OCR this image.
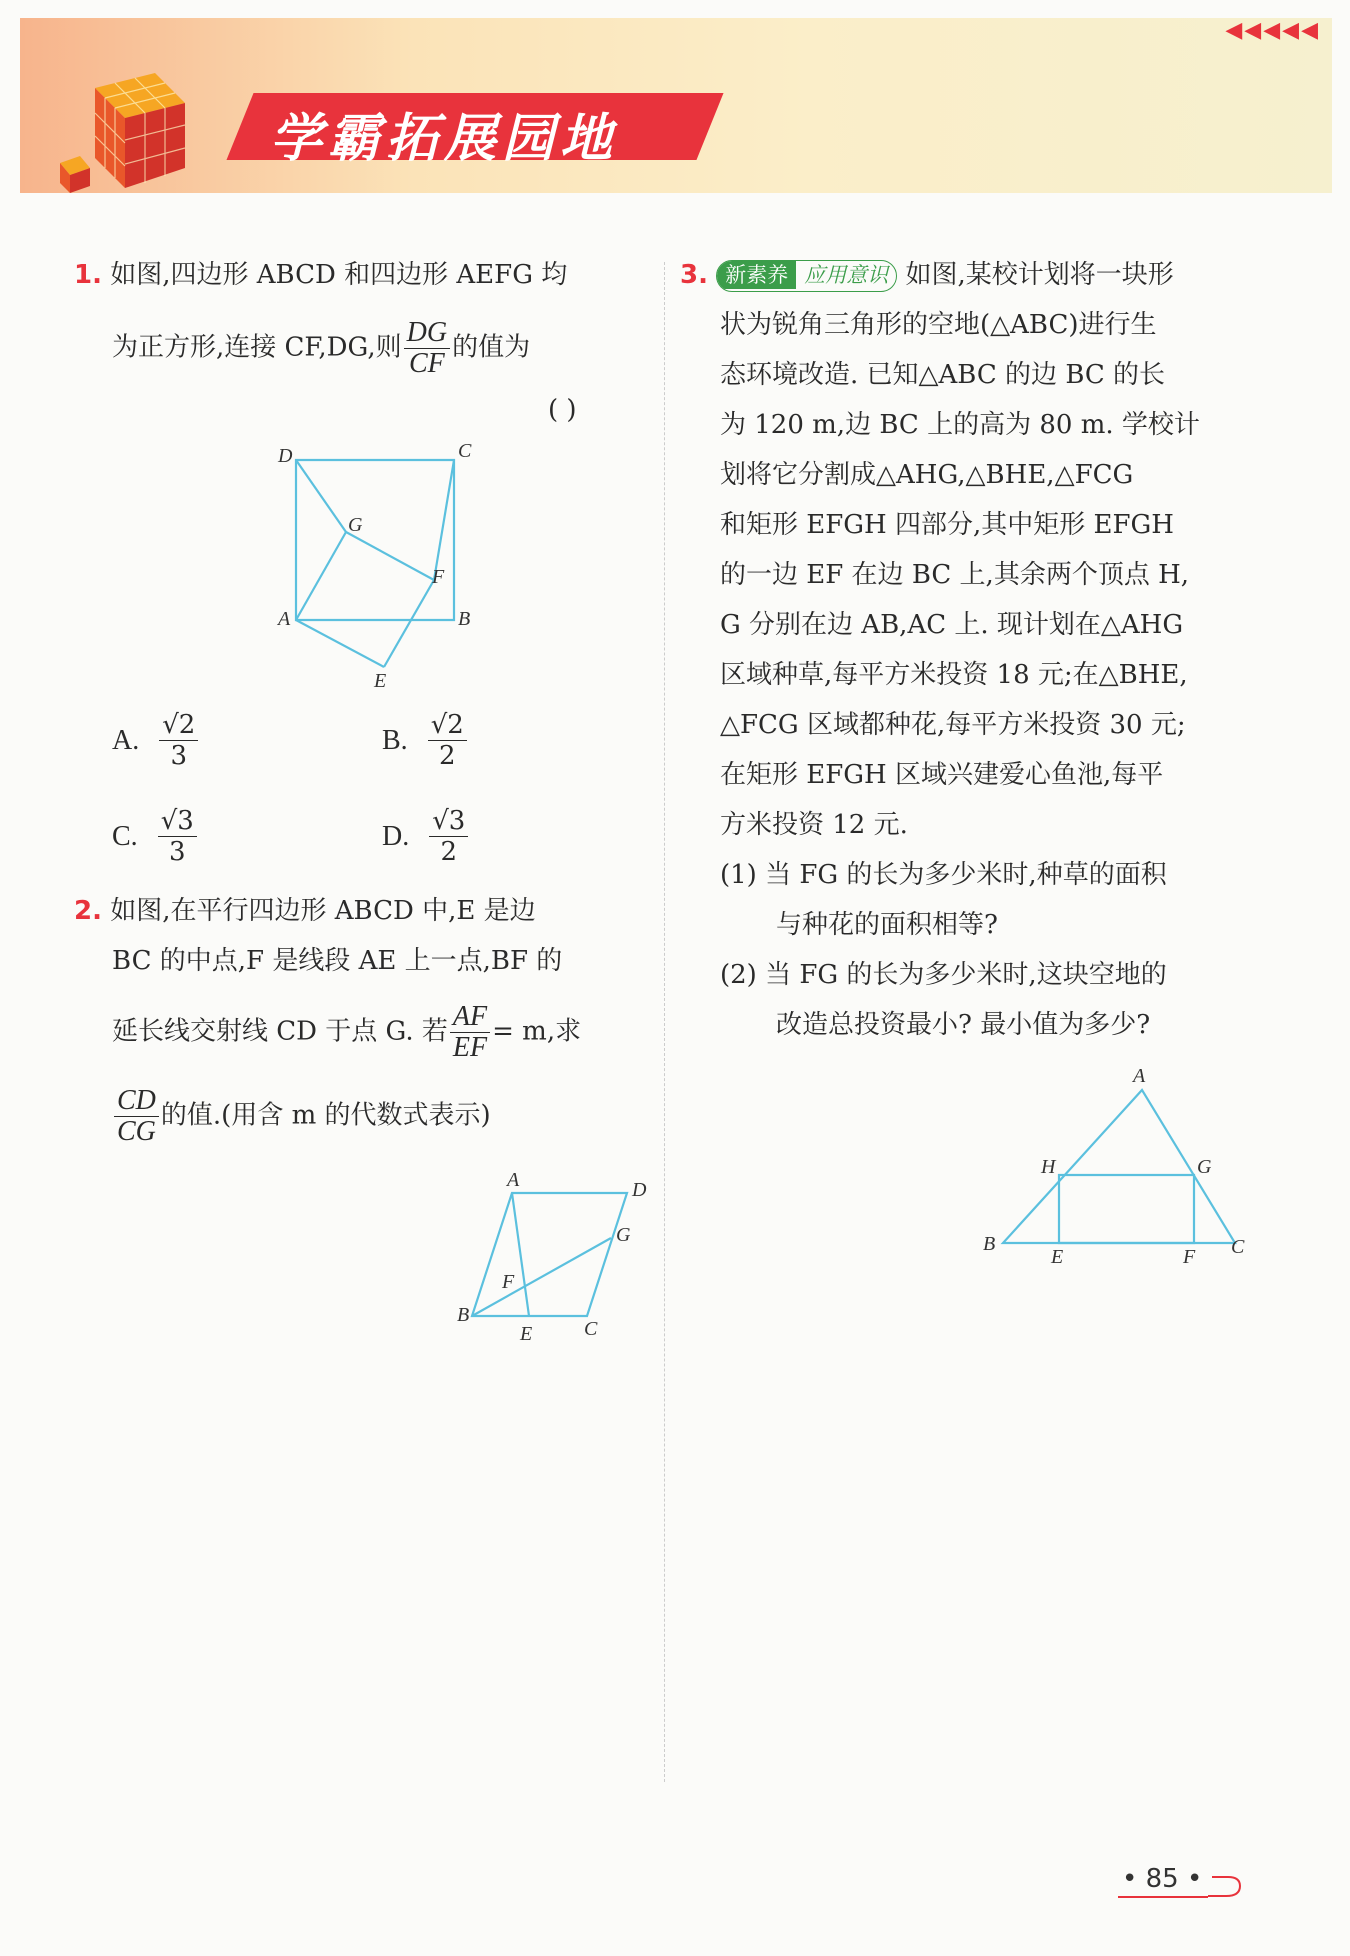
学霸拓展园地
◀◀◀◀◀
1. 如图,四边形 ABCD 和四边形 AEFG 均
为正方形,连接 CF,DG,则 $\frac{DG}{CF}$ 的值为
( )
D	C
G
F
A	B
E
A. $\frac{√2}{3}$	B. $\frac{√2}{2}$
C. $\frac{√3}{3}$	D. $\frac{√3}{2}$
2. 如图,在平行四边形 ABCD 中,E 是边
BC 的中点,F 是线段 AE 上一点,BF 的
延长线交射线 CD 于点 G. 若 $\frac{AF}{EF} = m$,求
$\frac{CD}{CG}$ 的值.(用含 m 的代数式表示)
A	D
G
F
B
E	C
3. 新素养 应用意识 如图,某校计划将一块形
状为锐角三角形的空地(△ABC)进行生
态环境改造. 已知△ABC 的边 BC 的长
为 120 m,边 BC 上的高为 80 m. 学校计
划将它分割成△AHG,△BHE,△FCG
和矩形 EFGH 四部分,其中矩形 EFGH
的一边 EF 在边 BC 上,其余两个顶点 H,
G 分别在边 AB,AC 上. 现计划在△AHG
区域种草,每平方米投资 18 元;在△BHE,
△FCG 区域都种花,每平方米投资 30 元;
在矩形 EFGH 区域兴建爱心鱼池,每平
方米投资 12 元.
(1) 当 FG 的长为多少米时,种草的面积
与种花的面积相等?
(2) 当 FG 的长为多少米时,这块空地的
改造总投资最小? 最小值为多少?
A
H	G
B
E	F C
• 85 •
